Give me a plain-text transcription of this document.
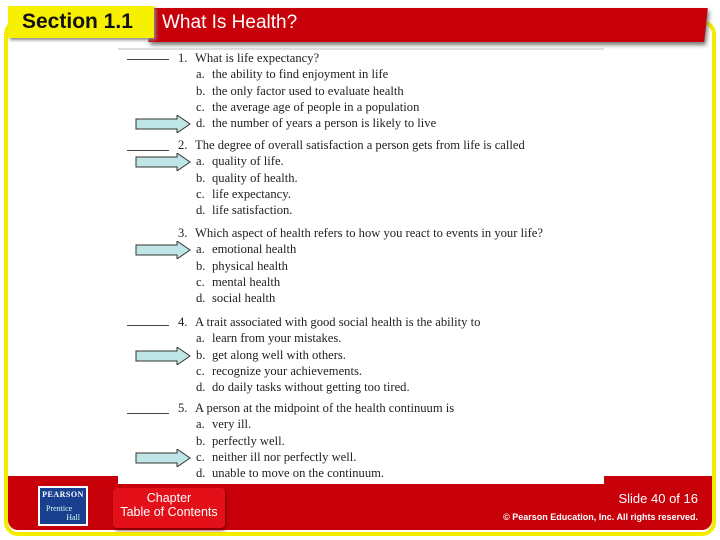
Section 1.1	What Is Health?
1. What is life expectancy?
a. the ability to find enjoyment in life
b. the only factor used to evaluate health
c. the average age of people in a population
d. the number of years a person is likely to live
2. The degree of overall satisfaction a person gets from life is called
a. quality of life.
b. quality of health.
c. life expectancy.
d. life satisfaction.
3. Which aspect of health refers to how you react to events in your life?
a. emotional health
b. physical health
c. mental health
d. social health
4. A trait associated with good social health is the ability to
a. learn from your mistakes.
b. get along well with others.
c. recognize your achievements.
d. do daily tasks without getting too tired.
5. A person at the midpoint of the health continuum is
a. very ill.
b. perfectly well.
c. neither ill nor perfectly well.
d. unable to move on the continuum.
PEARSON
Prentice
Hall
Chapter
Table of Contents
Slide 40 of 16
© Pearson Education, Inc. All rights reserved.
